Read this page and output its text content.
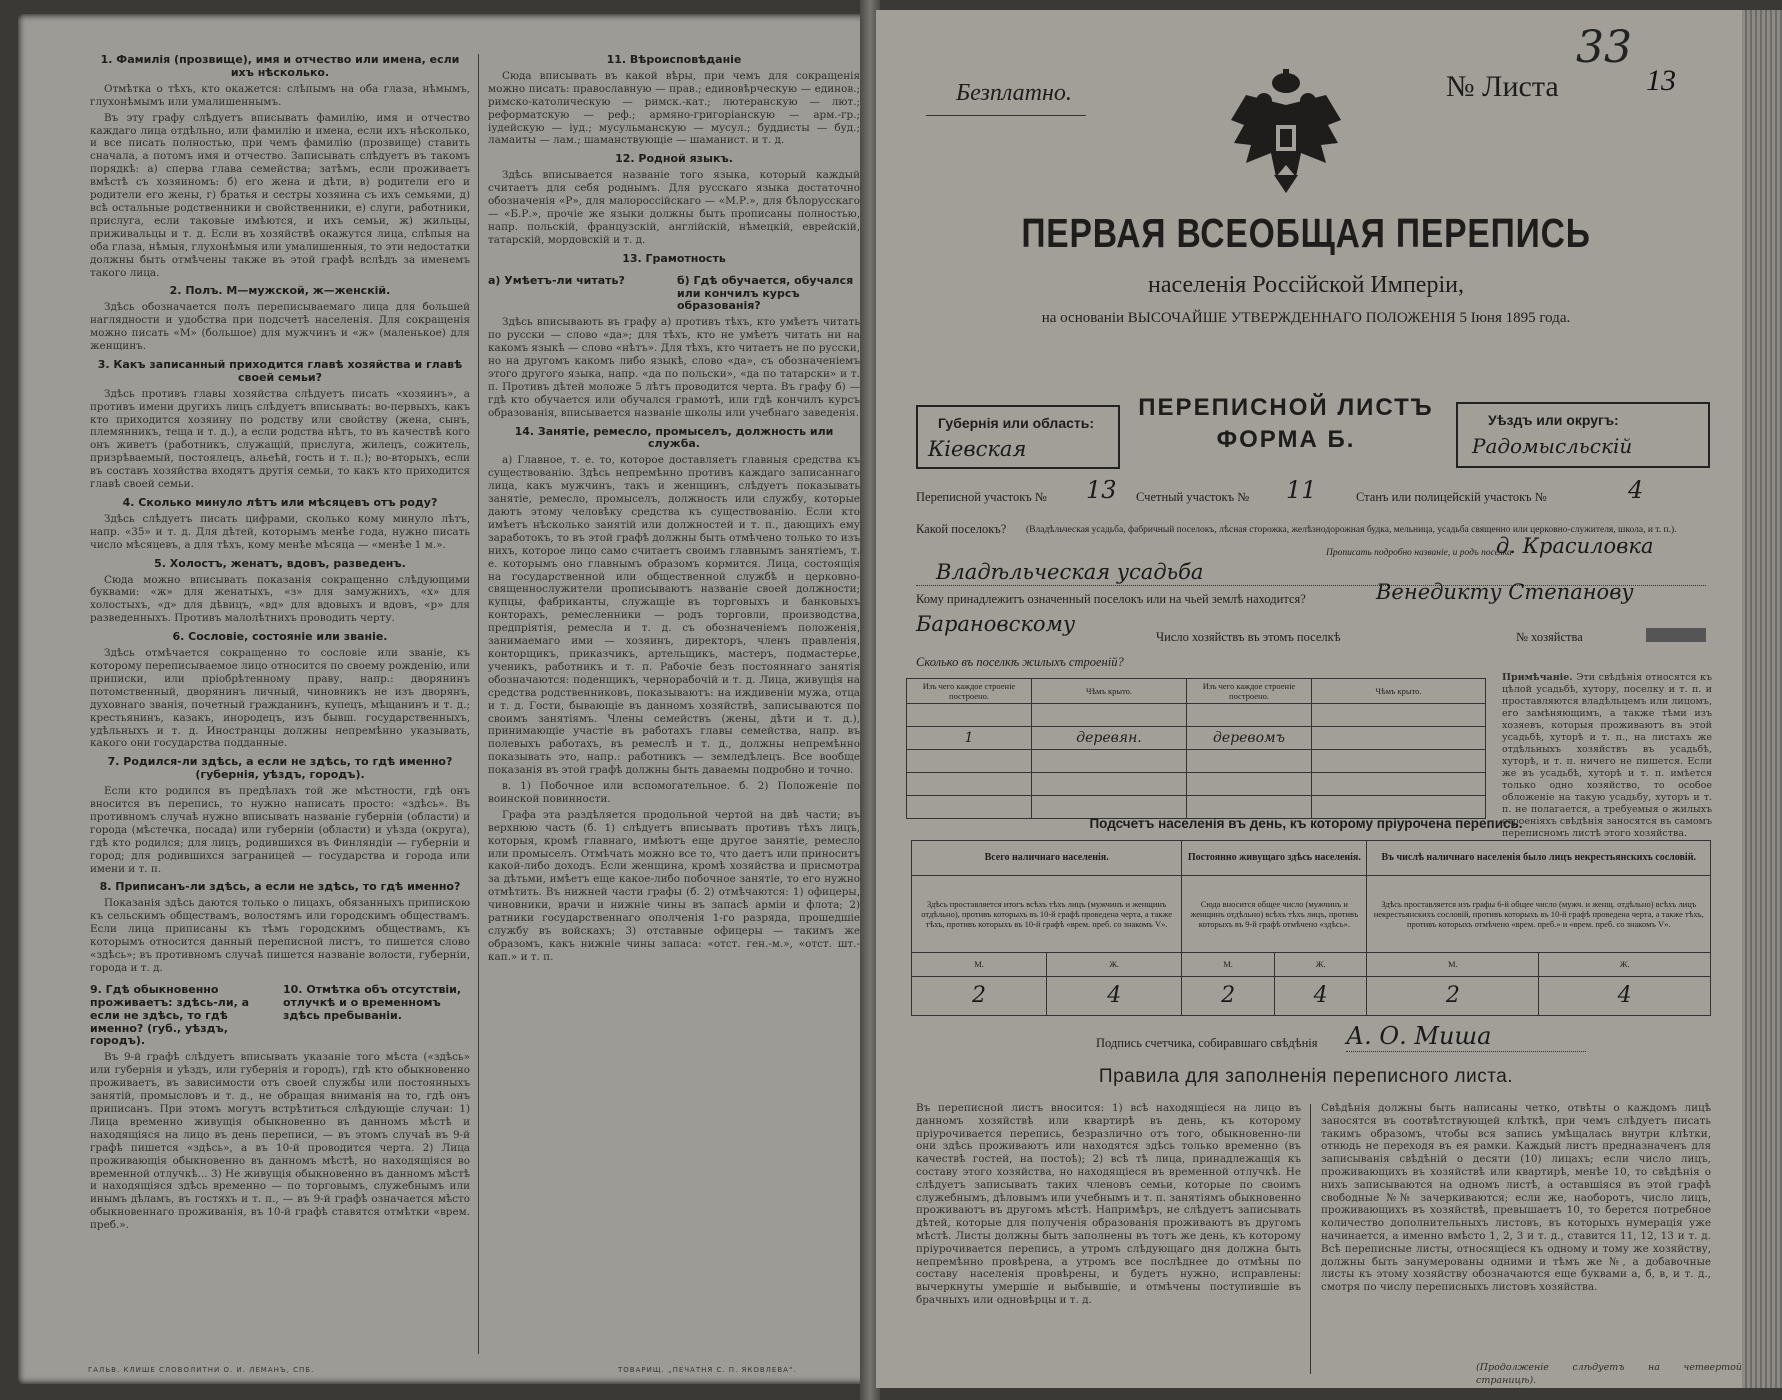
1. Фамилія (прозвище), имя и отчество или имена, если ихъ нѣсколько.

Отмѣтка о тѣхъ, кто окажется: слѣпымъ на оба глаза, нѣмымъ, глухонѣмымъ или умалишеннымъ.

Въ эту графу слѣдуетъ вписывать фамилію, имя и отчество каждаго лица отдѣльно, или фамилію и имена, если ихъ нѣсколько, и все писать полностью, при чемъ фамилію (прозвище) ставить сначала, а потомъ имя и отчество. Записывать слѣдуетъ въ такомъ порядкѣ: а) сперва глава семейства; затѣмъ, если проживаетъ вмѣстѣ съ хозяиномъ: б) его жена и дѣти, в) родители его и родители его жены, г) братья и сестры хозяина съ ихъ семьями, д) всѣ остальные родственники и свойственники, е) слуги, работники, прислуга, если таковые имѣются, и ихъ семьи, ж) жильцы, приживальцы и т. д. Если въ хозяйствѣ окажутся лица, слѣпыя на оба глаза, нѣмыя, глухонѣмыя или умалишенныя, то эти недостатки должны быть отмѣчены также въ этой графѣ вслѣдъ за именемъ такого лица.

2. Полъ. М—мужской, ж—женскій.

Здѣсь обозначается полъ переписываемаго лица для большей наглядности и удобства при подсчетѣ населенія. Для сокращенія можно писать «М» (большое) для мужчинъ и «ж» (маленькое) для женщинъ.

3. Какъ записанный приходится главѣ хозяйства и главѣ своей семьи?

Здѣсь противъ главы хозяйства слѣдуетъ писать «хозяинъ», а противъ имени другихъ лицъ слѣдуетъ вписывать: во-первыхъ, какъ кто приходится хозяину по родству или свойству (жена, сынъ, племянникъ, теща и т. д.), а если родства нѣтъ, то въ качествѣ кого онъ живетъ (работникъ, служащій, прислуга, жилецъ, сожитель, призрѣваемый, постоялецъ, альеѣй, гость и т. п.); во-вторыхъ, если въ составъ хозяйства входятъ другія семьи, то какъ кто приходится главѣ своей семьи.

4. Сколько минуло лѣтъ или мѣсяцевъ отъ роду?

Здѣсь слѣдуетъ писать цифрами, сколько кому минуло лѣтъ, напр. «35» и т. д. Для дѣтей, которымъ менѣе года, нужно писать число мѣсяцевъ, а для тѣхъ, кому менѣе мѣсяца — «менѣе 1 м.».

5. Холостъ, женатъ, вдовъ, разведенъ.

Сюда можно вписывать показанія сокращенно слѣдующими буквами: «ж» для женатыхъ, «з» для замужнихъ, «х» для холостыхъ, «д» для дѣвицъ, «вд» для вдовыхъ и вдовъ, «р» для разведенныхъ. Противъ малолѣтнихъ проводить черту.

6. Сословіе, состояніе или званіе.

Здѣсь отмѣчается сокращенно то сословіе или званіе, къ которому переписываемое лицо относится по своему рожденію, или приписки, или пріобрѣтенному праву, напр.: дворянинъ потомственный, дворянинъ личный, чиновникъ не изъ дворянъ, духовнаго званія, почетный гражданинъ, купецъ, мѣщанинъ и т. д.; крестьянинъ, казакъ, инородецъ, изъ бывш. государственныхъ, удѣльныхъ и т. д. Иностранцы должны непремѣнно указывать, какого они государства подданные.

7. Родился-ли здѣсь, а если не здѣсь, то гдѣ именно? (губернія, уѣздъ, городъ).

Если кто родился въ предѣлахъ той же мѣстности, гдѣ онъ вносится въ перепись, то нужно написать просто: «здѣсь». Въ противномъ случаѣ нужно вписывать названіе губерніи (области) и города (мѣстечка, посада) или губерніи (области) и уѣзда (округа), гдѣ кто родился; для лицъ, родившихся въ Финляндіи — губерніи и город; для родившихся заграницей — государства и города или имени и т. п.

8. Приписанъ-ли здѣсь, а если не здѣсь, то гдѣ именно?

Показанія здѣсь даются только о лицахъ, обязанныхъ припискою къ сельскимъ обществамъ, волостямъ или городскимъ обществамъ. Если лица приписаны къ тѣмъ городскимъ обществамъ, къ которымъ относится данный переписной листъ, то пишется слово «здѣсь»; въ противномъ случаѣ пишется названіе волости, губерніи, города и т. д.

9. Гдѣ обыкновенно проживаетъ: здѣсь-ли, а если не здѣсь, то гдѣ именно? (губ., уѣздъ, городъ).
10. Отмѣтка объ отсутствіи, отлучкѣ и о временномъ здѣсь пребываніи.

Въ 9-й графѣ слѣдуетъ вписывать указаніе того мѣста («здѣсь» или губернія и уѣздъ, или губернія и городъ), гдѣ кто обыкновенно проживаетъ, въ зависимости отъ своей службы или постоянныхъ занятій, промысловъ и т. д., не обращая вниманія на то, гдѣ онъ приписанъ. При этомъ могутъ встрѣтиться слѣдующіе случаи: 1) Лица временно живущія обыкновенно въ данномъ мѣстѣ и находящіяся на лицо въ день переписи, — въ этомъ случаѣ въ 9-й графѣ пишется «здѣсь», а въ 10-й проводится черта. 2) Лица проживающія обыкновенно въ данномъ мѣстѣ, но находящіяся во временной отлучкѣ... 3) Не живущія обыкновенно въ данномъ мѣстѣ и находящіяся здѣсь временно — по торговымъ, служебнымъ или инымъ дѣламъ, въ гостяхъ и т. п., — въ 9-й графѣ означается мѣсто обыкновеннаго проживанія, въ 10-й графѣ ставятся отмѣтки «врем. преб.».

11. Вѣроисповѣданіе

Сюда вписывать въ какой вѣры, при чемъ для сокращенія можно писать: православную — прав.; единовѣрческую — единов.; римско-католическую — римск.-кат.; лютеранскую — лют.; реформатскую — реф.; армяно-григоріанскую — арм.-гр.; іудейскую — іуд.; мусульманскую — мусул.; буддисты — буд.; ламаиты — лам.; шаманствующіе — шаманист. и т. д.

12. Родной языкъ.

Здѣсь вписывается названіе того языка, который каждый считаетъ для себя роднымъ. Для русскаго языка достаточно обозначенія «Р», для малороссійскаго — «М.Р.», для бѣлорусскаго — «Б.Р.», прочіе же языки должны быть прописаны полностью, напр. польскій, французскій, англійскій, нѣмецкій, еврейскій, татарскій, мордовскій и т. д.

13. Грамотность
а) Умѣетъ-ли читать?	б) Гдѣ обучается, обучался или кончилъ курсъ образованія?

Здѣсь вписывають въ графу а) противъ тѣхъ, кто умѣетъ читать по русски — слово «да»; для тѣхъ, кто не умѣетъ читать ни на какомъ языкѣ — слово «нѣтъ». Для тѣхъ, кто читаетъ не по русски, но на другомъ какомъ либо языкѣ, слово «да», съ обозначеніемъ этого другого языка, напр. «да по польски», «да по татарски» и т. п. Противъ дѣтей моложе 5 лѣтъ проводится черта. Въ графу б) — гдѣ кто обучается или обучался грамотѣ, или гдѣ кончилъ курсъ образованія, вписывается названіе школы или учебнаго заведенія.

14. Занятіе, ремесло, промыселъ, должность или служба.

а) Главное, т. е. то, которое доставляетъ главныя средства къ существованію. Здѣсь непремѣнно противъ каждаго записаннаго лица, какъ мужчинъ, такъ и женщинъ, слѣдуетъ показывать занятіе, ремесло, промыселъ, должность или службу, которые даютъ этому человѣку средства къ существованію. Если кто имѣетъ нѣсколько занятій или должностей и т. п., дающихъ ему заработокъ, то въ этой графѣ должны быть отмѣчено только то изъ нихъ, которое лицо само считаетъ своимъ главнымъ занятіемъ, т. е. которымъ оно главнымъ образомъ кормится. Лица, состоящія на государственной или общественной службѣ и церковно-священнослужители прописываютъ названіе своей должности; купцы, фабриканты, служащіе въ торговыхъ и банковыхъ конторахъ, ремесленники — родъ торговли, производства, предпріятія, ремесла и т. д. съ обозначеніемъ положенія, занимаемаго ими — хозяинъ, директоръ, членъ правленія, конторщикъ, приказчикъ, артельщикъ, мастеръ, подмастерье, ученикъ, работникъ и т. п. Рабочіе безъ постояннаго занятія обозначаются: поденщикъ, чернорабочій и т. д. Лица, живущія на средства родственниковъ, показываютъ: на иждивеніи мужа, отца и т. д. Гости, бывающіе въ данномъ хозяйствѣ, записываются по своимъ занятіямъ. Члены семействъ (жены, дѣти и т. д.), принимающіе участіе въ работахъ главы семейства, напр. въ полевыхъ работахъ, въ ремеслѣ и т. д., должны непремѣнно показывать это, напр.: работникъ — земледѣлецъ. Все вообще показанія въ этой графѣ должны быть даваемы подробно и точно.

в. 1) Побочное или вспомогательное. б. 2) Положеніе по воинской повинности.

Графа эта раздѣляется продольной чертой на двѣ части; въ верхнюю часть (б. 1) слѣдуетъ вписывать противъ тѣхъ лицъ, которыя, кромѣ главнаго, имѣютъ еще другое занятіе, ремесло или промыселъ. Отмѣчать можно все то, что даетъ или приноситъ какой-либо доходъ. Если женщина, кромѣ хозяйства и присмотра за дѣтьми, имѣетъ еще какое-либо побочное занятіе, то его нужно отмѣтить. Въ нижней части графы (б. 2) отмѣчаются: 1) офицеры, чиновники, врачи и нижніе чины въ запасѣ арміи и флота; 2) ратники государственнаго ополченія 1-го разряда, прошедшіе службу въ войскахъ; 3) отставные офицеры — такимъ же образомъ, какъ нижніе чины запаса: «отст. ген.-м.», «отст. шт.-кап.» и т. п.

ГАЛЬВ. КЛИШЕ СЛОВОЛИТНИ О. И. ЛЕМАНЪ, СПБ.	ТОВАРИЩ. „ПЕЧАТНЯ С. П. ЯКОВЛЕВА“.
33
Безплатно.	№ Листа	13
ПЕРВАЯ ВСЕОБЩАЯ ПЕРЕПИСЬ
населенія Россійской Имперіи,
на основаніи ВЫСОЧАЙШЕ УТВЕРЖДЕННАГО ПОЛОЖЕНІЯ 5 Іюня 1895 года.
Губернія или область:
Кіевская
ПЕРЕПИСНОЙ ЛИСТЪ
ФОРМА Б.
Уѣздъ или округъ:
Радомысльскій
Переписной участокъ № 13 Счетный участокъ № 11	Станъ или полицейскій участокъ №	4
Какой поселокъ? (Владѣльческая усадьба, фабричный поселокъ, лѣсная сторожка, желѣзнодорожная будка, мельница, усадьба священно или церковно-служителя, школа, и т. п.).
Прописать подробно названіе, и родъ поселка
д. Красиловка
Владѣльческая усадьба
Кому принадлежитъ означенный поселокъ или на чьей землѣ находится?	Венедикту Степанову
Барановскому
Число хозяйствъ въ этомъ поселкѣ	№ хозяйства
Сколько въ поселкѣ жилыхъ строеній?
Изъ чего каждое строеніе построено.	Чѣмъ крыто.	Изъ чего каждое строеніе построено.	Чѣмъ крыто.

1	деревян.	деревомъ	

Примѣчаніе. Эти свѣдѣнія относятся къ цѣлой усадьбѣ, хутору, поселку и т. п. и проставляются владѣльцемъ или лицомъ, его замѣняющимъ, а также тѣми изъ хозяевъ, которыя проживаютъ въ этой усадьбѣ, хуторѣ и т. п., на листахъ же отдѣльныхъ хозяйствъ въ усадьбѣ, хуторѣ, и т. п. ничего не пишется. Если же въ усадьбѣ, хуторѣ и т. п. имѣется только одно хозяйство, то особое обложеніе на такую усадьбу, хуторъ и т. п. не полагается, а требуемыя о жилыхъ строеніяхъ свѣдѣнія заносятся въ самомъ переписномъ листѣ этого хозяйства.
Подсчетъ населенія въ день, къ которому пріурочена перепись.
Всего наличнаго населенія.		Постоянно живущаго здѣсь населенія.		Въ числѣ наличнаго населенія было лицъ некрестьянскихъ сословій.	
Здѣсь проставляется итогъ всѣхъ тѣхъ лицъ (мужчинъ и женщинъ отдѣльно), противъ которыхъ въ 10-й графѣ проведена черта, а также тѣхъ, противъ которыхъ въ 10-й графѣ «врем. преб. со знакомъ V».		Сюда вносится общее число (мужчинъ и женщинъ отдѣльно) всѣхъ тѣхъ лицъ, противъ которыхъ въ 9-й графѣ отмѣчено «здѣсь».		Здѣсь проставляется изъ графы 6-й общее число (мужч. и женщ. отдѣльно) всѣхъ лицъ некрестьянскихъ сословій, противъ которыхъ въ 10-й графѣ проведена черта, а также тѣхъ, противъ которыхъ отмѣчено «врем. преб.» и «врем. преб. со знакомъ V».	
М.	Ж.	М.	Ж.	М.	Ж.
2	4	2	4	2	4
Подпись счетчика, собиравшаго свѣдѣнія А. О. Миша
Правила для заполненія переписного листа.
Въ переписной листъ вносится: 1) всѣ находящіеся на лицо въ данномъ хозяйствѣ или квартирѣ въ день, къ которому пріурочивается перепись, безразлично отъ того, обыкновенно-ли они здѣсь проживаютъ или находятся здѣсь только временно (въ качествѣ гостей, на постоѣ); 2) всѣ тѣ лица, принадлежащія къ составу этого хозяйства, но находящіеся въ временной отлучкѣ. Не слѣдуетъ записывать таких членовъ семьи, которые по своимъ служебнымъ, дѣловымъ или учебнымъ и т. п. занятіямъ обыкновенно проживаютъ въ другомъ мѣстѣ. Напримѣръ, не слѣдуетъ записывать дѣтей, которые для полученія образованія проживаютъ въ другомъ мѣстѣ. Листы должны быть заполнены въ тотъ же день, къ которому пріурочивается перепись, а утромъ слѣдующаго дня должна быть непремѣнно провѣрена, а утромъ все послѣднее до отмѣны по составу населенія провѣрены, и будетъ нужно, исправлены: вычеркнуты умершіе и выбывшіе, и отмѣчены поступившіе въ брачныхъ или одновѣрцы и т. д.
Свѣдѣнія должны быть написаны четко, отвѣты о каждомъ лицѣ заносятся въ соотвѣтствующей клѣткѣ, при чемъ слѣдуетъ писать такимъ образомъ, чтобы вся запись умѣщалась внутри клѣтки, отнюдь не переходя въ ея рамки. Каждый листъ предназначенъ для записыванія свѣдѣній о десяти (10) лицахъ; если число лицъ, проживающихъ въ хозяйствѣ или квартирѣ, менѣе 10, то свѣдѣнія о нихъ записываются на одномъ листѣ, а оставшіяся въ этой графѣ свободные №№ зачеркиваются; если же, наоборотъ, число лицъ, проживающихъ въ хозяйствѣ, превышаетъ 10, то берется потребное количество дополнительныхъ листовъ, въ которыхъ нумерація уже начинается, а именно вмѣсто 1, 2, 3 и т. д., ставится 11, 12, 13 и т. д. Всѣ переписные листы, относящіеся къ одному и тому же хозяйству, должны быть занумерованы одними и тѣмъ же №, а добавочные листы къ этому хозяйству обозначаются еще буквами а, б, в, и т. д., смотря по числу переписныхъ листовъ хозяйства.
(Продолженіе слѣдуетъ на четвертой страницѣ).
